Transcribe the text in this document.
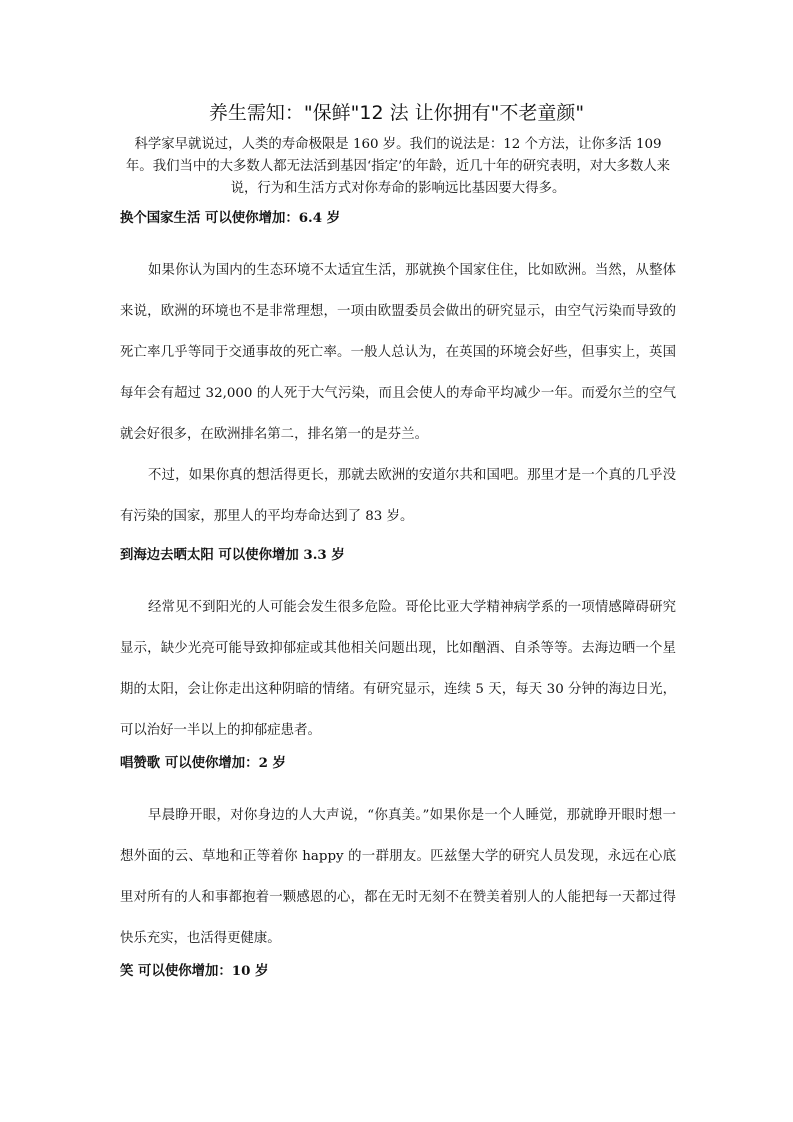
养生需知："保鲜"12 法 让你拥有"不老童颜"
科学家早就说过，人类的寿命极限是 160 岁。我们的说法是：12 个方法，让你多活 109 年。我们当中的大多数人都无法活到基因‘指定’的年龄，近几十年的研究表明，对大多数人来说，行为和生活方式对你寿命的影响远比基因要大得多。
换个国家生活 可以使你增加：6.4 岁
如果你认为国内的生态环境不太适宜生活，那就换个国家住住，比如欧洲。当然，从整体来说，欧洲的环境也不是非常理想，一项由欧盟委员会做出的研究显示，由空气污染而导致的死亡率几乎等同于交通事故的死亡率。一般人总认为，在英国的环境会好些，但事实上，英国每年会有超过 32,000 的人死于大气污染，而且会使人的寿命平均减少一年。而爱尔兰的空气就会好很多，在欧洲排名第二，排名第一的是芬兰。
不过，如果你真的想活得更长，那就去欧洲的安道尔共和国吧。那里才是一个真的几乎没有污染的国家，那里人的平均寿命达到了 83 岁。
到海边去晒太阳 可以使你增加 3.3 岁
经常见不到阳光的人可能会发生很多危险。哥伦比亚大学精神病学系的一项情感障碍研究显示，缺少光亮可能导致抑郁症或其他相关问题出现，比如酗酒、自杀等等。去海边晒一个星期的太阳，会让你走出这种阴暗的情绪。有研究显示，连续 5 天，每天 30 分钟的海边日光，可以治好一半以上的抑郁症患者。
唱赞歌 可以使你增加：2 岁
早晨睁开眼，对你身边的人大声说，“你真美。”如果你是一个人睡觉，那就睁开眼时想一想外面的云、草地和正等着你 happy 的一群朋友。匹兹堡大学的研究人员发现，永远在心底里对所有的人和事都抱着一颗感恩的心，都在无时无刻不在赞美着别人的人能把每一天都过得快乐充实，也活得更健康。
笑 可以使你增加：10 岁
